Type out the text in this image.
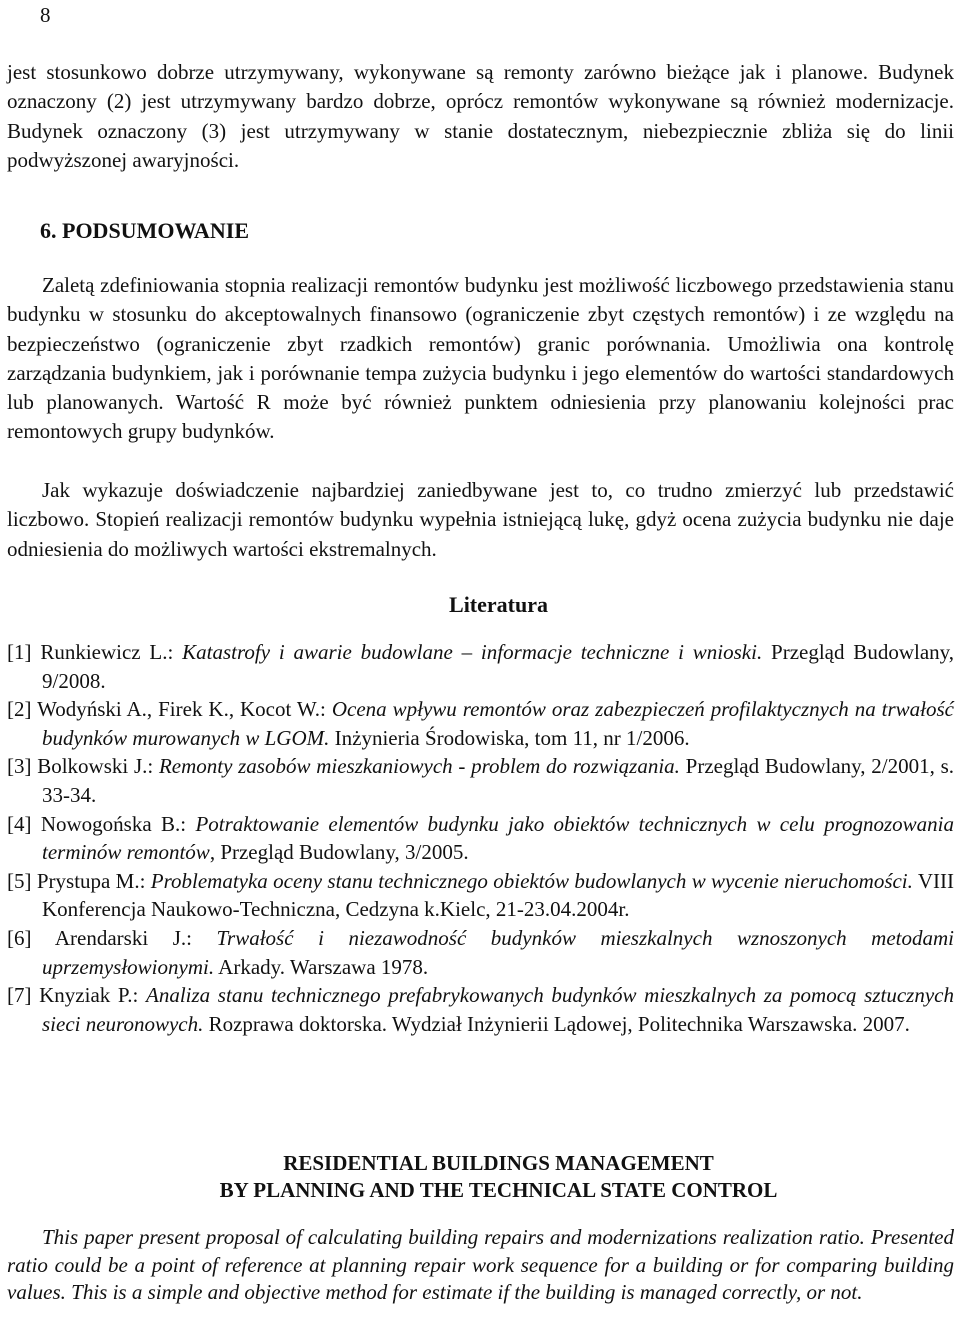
8

jest stosunkowo dobrze utrzymywany, wykonywane są remonty zarówno bieżące jak i planowe. Budynek oznaczony (2) jest utrzymywany bardzo dobrze, oprócz remontów wykonywane są również modernizacje. Budynek oznaczony (3) jest utrzymywany w stanie dostatecznym, niebezpiecznie zbliża się do linii podwyższonej awaryjności.

6. PODSUMOWANIE

Zaletą zdefiniowania stopnia realizacji remontów budynku jest możliwość liczbowego przedstawienia stanu budynku w stosunku do akceptowalnych finansowo (ograniczenie zbyt częstych remontów) i ze względu na bezpieczeństwo (ograniczenie zbyt rzadkich remontów) granic porównania. Umożliwia ona kontrolę zarządzania budynkiem, jak i porównanie tempa zużycia budynku i jego elementów do wartości standardowych lub planowanych. Wartość R może być również punktem odniesienia przy planowaniu kolejności prac remontowych grupy budynków.

Jak wykazuje doświadczenie najbardziej zaniedbywane jest to, co trudno zmierzyć lub przedstawić liczbowo. Stopień realizacji remontów budynku wypełnia istniejącą lukę, gdyż ocena zużycia budynku nie daje odniesienia do możliwych wartości ekstremalnych.

Literatura
[1] Runkiewicz L.: Katastrofy i awarie budowlane – informacje techniczne i wnioski. Przegląd Budowlany, 9/2008.
[2] Wodyński A., Firek K., Kocot W.: Ocena wpływu remontów oraz zabezpieczeń profilaktycznych na trwałość budynków murowanych w LGOM. Inżynieria Środowiska, tom 11, nr 1/2006.
[3] Bolkowski J.: Remonty zasobów mieszkaniowych - problem do rozwiązania. Przegląd Budowlany, 2/2001, s. 33-34.
[4] Nowogońska B.: Potraktowanie elementów budynku jako obiektów technicznych w celu prognozowania terminów remontów, Przegląd Budowlany, 3/2005.
[5] Prystupa M.: Problematyka oceny stanu technicznego obiektów budowlanych w wycenie nieruchomości. VIII Konferencja Naukowo-Techniczna, Cedzyna k.Kielc, 21-23.04.2004r.
[6] Arendarski J.: Trwałość i niezawodność budynków mieszkalnych wznoszonych metodami uprzemysłowionymi. Arkady. Warszawa 1978.
[7] Knyziak P.: Analiza stanu technicznego prefabrykowanych budynków mieszkalnych za pomocą sztucznych sieci neuronowych. Rozprawa doktorska. Wydział Inżynierii Lądowej, Politechnika Warszawska. 2007.
RESIDENTIAL BUILDINGS MANAGEMENT
BY PLANNING AND THE TECHNICAL STATE CONTROL

This paper present proposal of calculating building repairs and modernizations realization ratio. Presented ratio could be a point of reference at planning repair work sequence for a building or for comparing building values. This is a simple and objective method for estimate if the building is managed correctly, or not.
